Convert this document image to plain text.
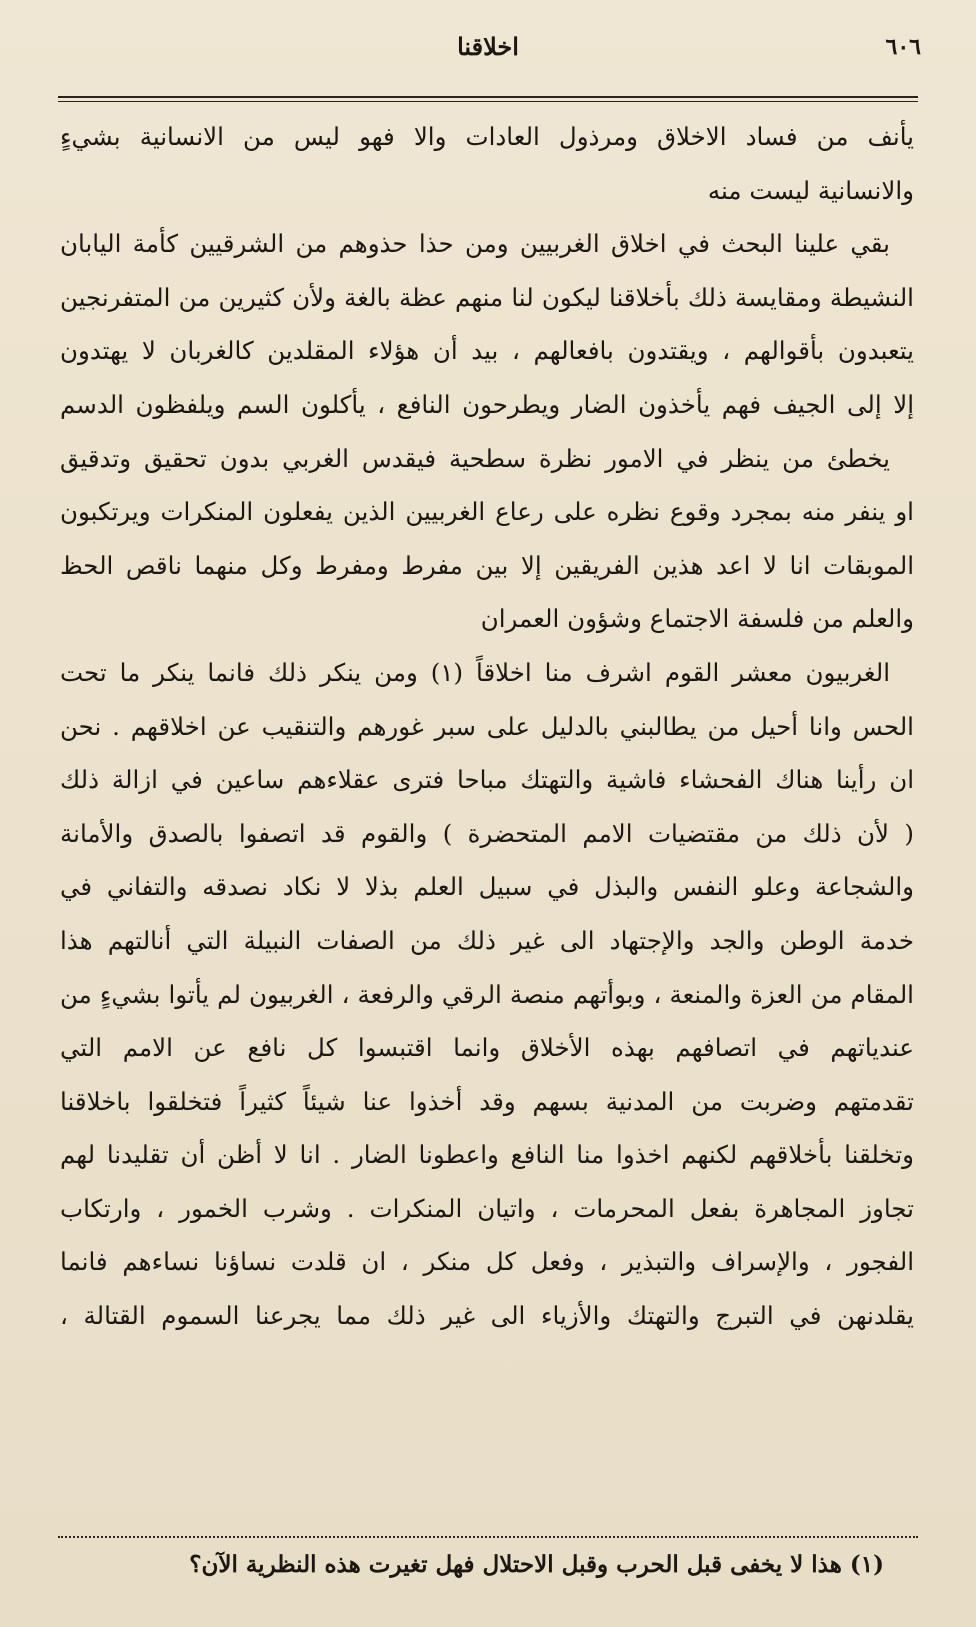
٦٠٦
اخلاقنا
يأنف من فساد الاخلاق ومرذول العادات والا فهو ليس من الانسانية بشيءٍ
والانسانية ليست منه
بقي علينا البحث في اخلاق الغربيين ومن حذا حذوهم من الشرقيين كأمة اليابان
النشيطة ومقايسة ذلك بأخلاقنا ليكون لنا منهم عظة بالغة ولأن كثيرين من المتفرنجين
يتعبدون بأقوالهم ، ويقتدون بافعالهم ، بيد أن هؤلاء المقلدين كالغربان لا يهتدون
إلا إلى الجيف فهم يأخذون الضار ويطرحون النافع ، يأكلون السم ويلفظون الدسم
يخطئ من ينظر في الامور نظرة سطحية فيقدس الغربي بدون تحقيق وتدقيق
او ينفر منه بمجرد وقوع نظره على رعاع الغربيين الذين يفعلون المنكرات ويرتكبون
الموبقات انا لا اعد هذين الفريقين إلا بين مفرط ومفرط وكل منهما ناقص الحظ
والعلم من فلسفة الاجتماع وشؤون العمران
الغربيون معشر القوم اشرف منا اخلاقاً (١) ومن ينكر ذلك فانما ينكر ما تحت
الحس وانا أحيل من يطالبني بالدليل على سبر غورهم والتنقيب عن اخلاقهم . نحن
ان رأينا هناك الفحشاء فاشية والتهتك مباحا فترى عقلاءهم ساعين في ازالة ذلك
( لأن ذلك من مقتضيات الامم المتحضرة ) والقوم قد اتصفوا بالصدق والأمانة
والشجاعة وعلو النفس والبذل في سبيل العلم بذلا لا نكاد نصدقه والتفاني في
خدمة الوطن والجد والإجتهاد الى غير ذلك من الصفات النبيلة التي أنالتهم هذا
المقام من العزة والمنعة ، وبوأتهم منصة الرقي والرفعة ، الغربيون لم يأتوا بشيءٍ من
عندياتهم في اتصافهم بهذه الأخلاق وانما اقتبسوا كل نافع عن الامم التي
تقدمتهم وضربت من المدنية بسهم وقد أخذوا عنا شيئاً كثيراً فتخلقوا باخلاقنا
وتخلقنا بأخلاقهم لكنهم اخذوا منا النافع واعطونا الضار . انا لا أظن أن تقليدنا لهم
تجاوز المجاهرة بفعل المحرمات ، واتيان المنكرات . وشرب الخمور ، وارتكاب
الفجور ، والإسراف والتبذير ، وفعل كل منكر ، ان قلدت نساؤنا نساءهم فانما
يقلدنهن في التبرج والتهتك والأزياء الى غير ذلك مما يجرعنا السموم القتالة ،
(١) هذا لا يخفى قبل الحرب وقبل الاحتلال فهل تغيرت هذه النظرية الآن؟
